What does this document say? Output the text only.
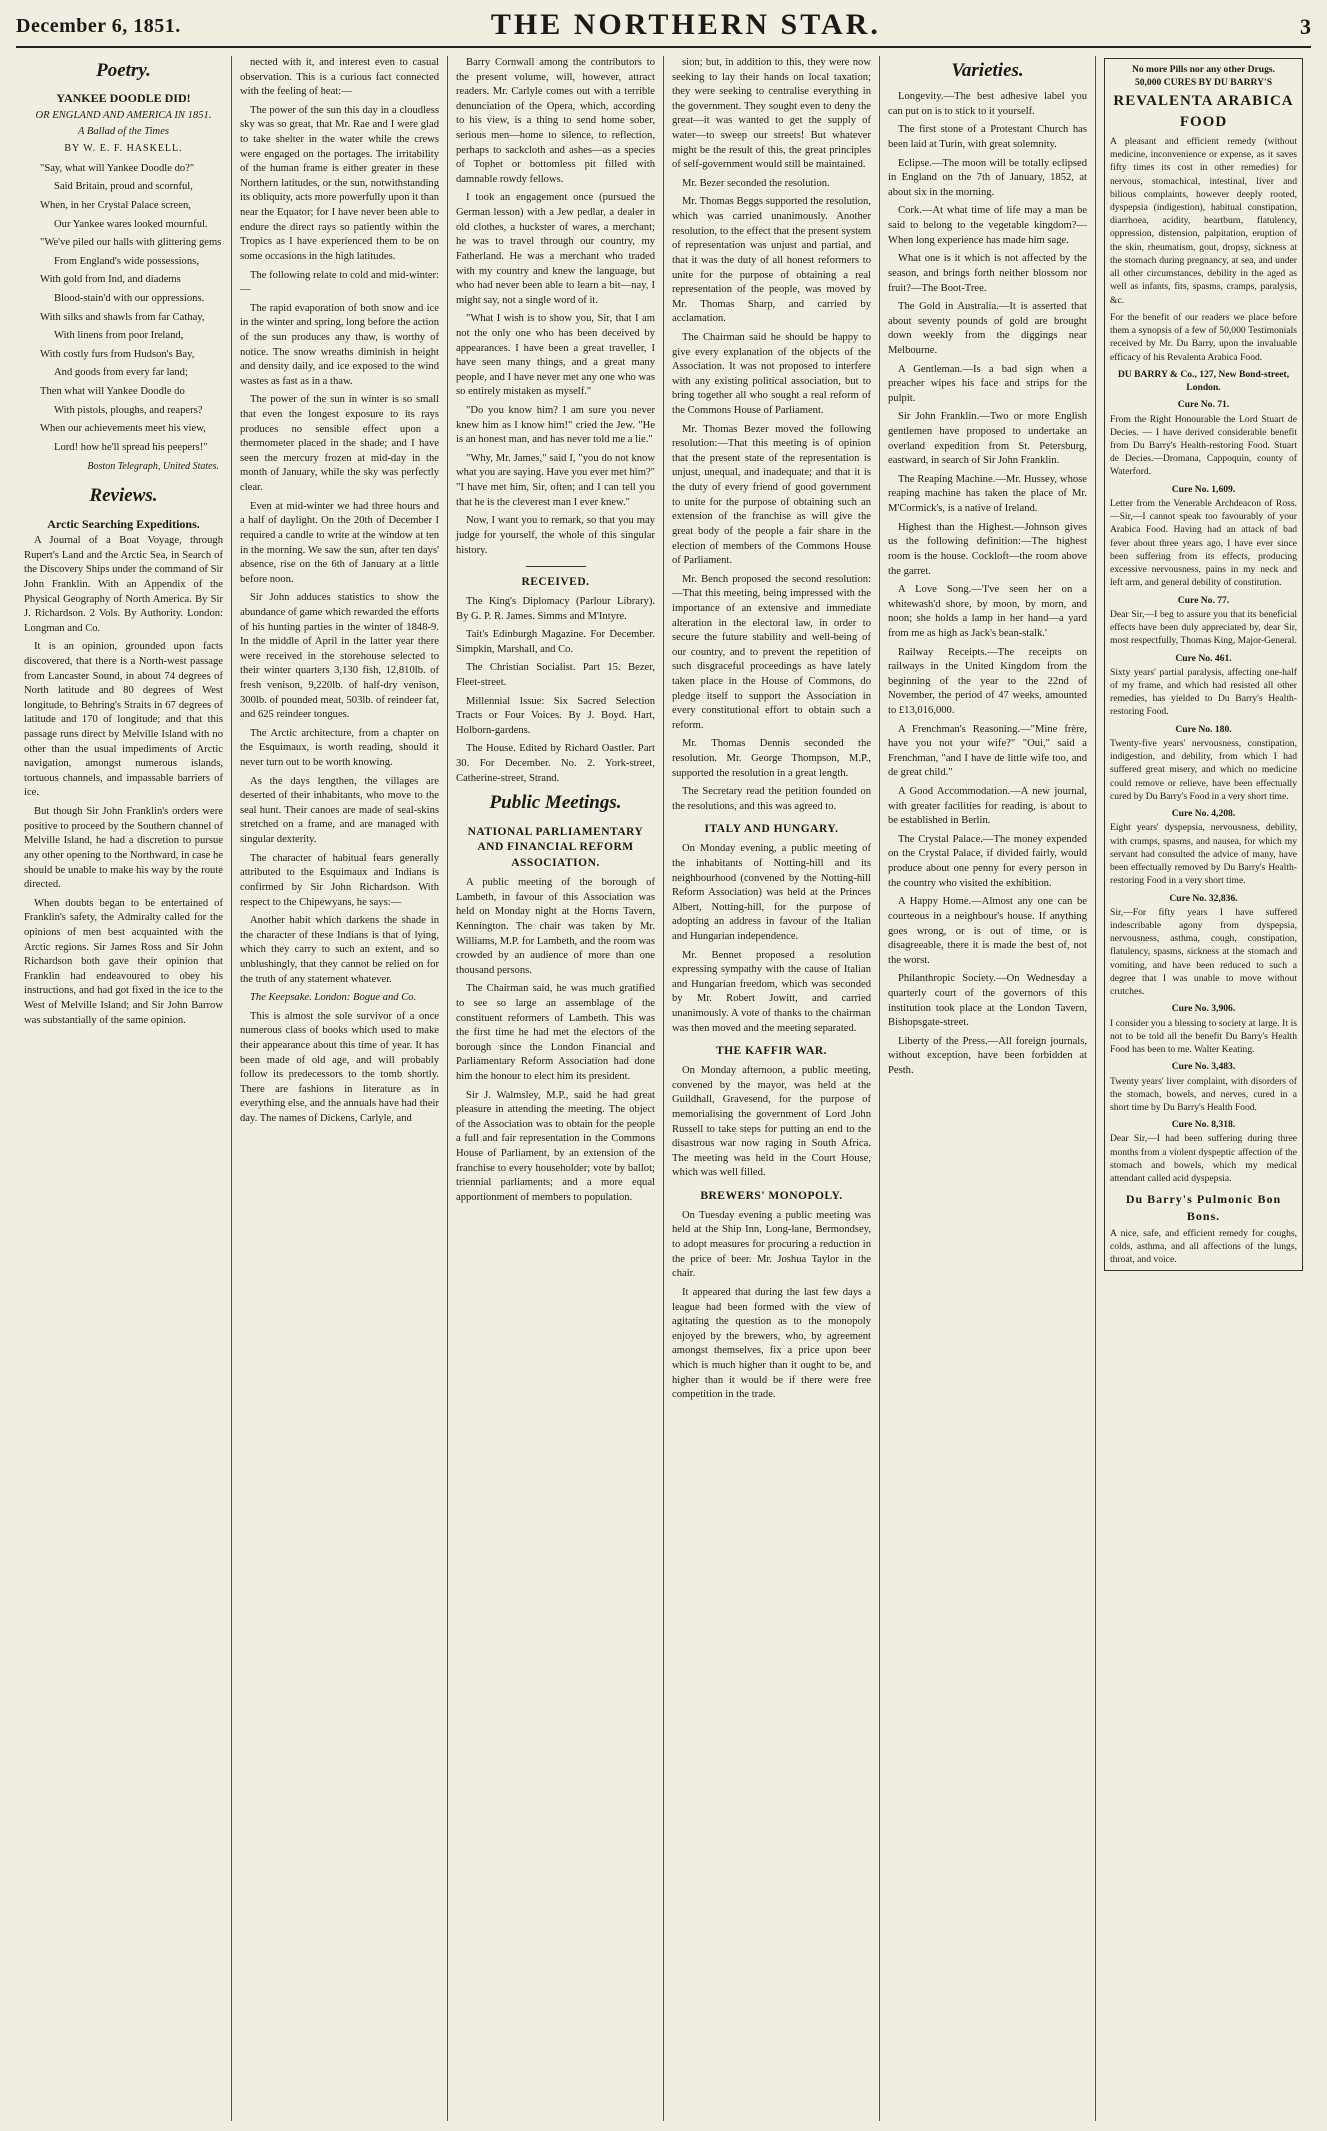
December 6, 1851.	THE NORTHERN STAR.	3
Poetry.
YANKEE DOODLE DID!
OR ENGLAND AND AMERICA IN 1851.
A Ballad of the Times
BY W. E. F. HASKELL.

"Say, what will Yankee Doodle do?"

Said Britain, proud and scornful,

When, in her Crystal Palace screen,

Our Yankee wares looked mournful.

"We've piled our halls with glittering gems

From England's wide possessions,

With gold from Ind, and diadems

Blood-stain'd with our oppressions.

With silks and shawls from far Cathay,

With linens from poor Ireland,

With costly furs from Hudson's Bay,

And goods from every far land;

Then what will Yankee Doodle do

With pistols, ploughs, and reapers?

When our achievements meet his view,

Lord! how he'll spread his peepers!"

Boston Telegraph, United States.
Reviews.
Arctic Searching Expeditions.

A Journal of a Boat Voyage, through Rupert's Land and the Arctic Sea, in Search of the Discovery Ships under the command of Sir John Franklin. With an Appendix of the Physical Geography of North America. By Sir J. Richardson. 2 Vols. By Authority. London: Longman and Co.

It is an opinion, grounded upon facts discovered, that there is a North-west passage from Lancaster Sound, in about 74 degrees of North latitude and 80 degrees of West longitude, to Behring's Straits in 67 degrees of latitude and 170 of longitude; and that this passage runs direct by Melville Island with no other than the usual impediments of Arctic navigation, amongst numerous islands, tortuous channels, and impassable barriers of ice.

But though Sir John Franklin's orders were positive to proceed by the Southern channel of Melville Island, he had a discretion to pursue any other opening to the Northward, in case he should be unable to make his way by the route directed.

When doubts began to be entertained of Franklin's safety, the Admiralty called for the opinions of men best acquainted with the Arctic regions. Sir James Ross and Sir John Richardson both gave their opinion that Franklin had endeavoured to obey his instructions, and had got fixed in the ice to the West of Melville Island; and Sir John Barrow was substantially of the same opinion.

nected with it, and interest even to casual observation. This is a curious fact connected with the feeling of heat:—

The power of the sun this day in a cloudless sky was so great, that Mr. Rae and I were glad to take shelter in the water while the crews were engaged on the portages. The irritability of the human frame is either greater in these Northern latitudes, or the sun, notwithstanding its obliquity, acts more powerfully upon it than near the Equator; for I have never been able to endure the direct rays so patiently within the Tropics as I have experienced them to be on some occasions in the high latitudes.

The following relate to cold and mid-winter:—

The rapid evaporation of both snow and ice in the winter and spring, long before the action of the sun produces any thaw, is worthy of notice. The snow wreaths diminish in height and density daily, and ice exposed to the wind wastes as fast as in a thaw.

The power of the sun in winter is so small that even the longest exposure to its rays produces no sensible effect upon a thermometer placed in the shade; and I have seen the mercury frozen at mid-day in the month of January, while the sky was perfectly clear.

Even at mid-winter we had three hours and a half of daylight. On the 20th of December I required a candle to write at the window at ten in the morning. We saw the sun, after ten days' absence, rise on the 6th of January at a little before noon.

Sir John adduces statistics to show the abundance of game which rewarded the efforts of his hunting parties in the winter of 1848-9. In the middle of April in the latter year there were received in the storehouse selected to their winter quarters 3,130 fish, 12,810lb. of fresh venison, 9,220lb. of half-dry venison, 300lb. of pounded meat, 503lb. of reindeer fat, and 625 reindeer tongues.

The Arctic architecture, from a chapter on the Esquimaux, is worth reading, should it never turn out to be worth knowing.

As the days lengthen, the villages are deserted of their inhabitants, who move to the seal hunt. Their canoes are made of seal-skins stretched on a frame, and are managed with singular dexterity.

The character of habitual fears generally attributed to the Esquimaux and Indians is confirmed by Sir John Richardson. With respect to the Chipewyans, he says:—

Another habit which darkens the shade in the character of these Indians is that of lying, which they carry to such an extent, and so unblushingly, that they cannot be relied on for the truth of any statement whatever.

The Keepsake. London: Bogue and Co.

This is almost the sole survivor of a once numerous class of books which used to make their appearance about this time of year. It has been made of old age, and will probably follow its predecessors to the tomb shortly. There are fashions in literature as in everything else, and the annuals have had their day. The names of Dickens, Carlyle, and

Barry Cornwall among the contributors to the present volume, will, however, attract readers. Mr. Carlyle comes out with a terrible denunciation of the Opera, which, according to his view, is a thing to send home sober, serious men—home to silence, to reflection, perhaps to sackcloth and ashes—as a species of Tophet or bottomless pit filled with damnable rowdy fellows.

I took an engagement once (pursued the German lesson) with a Jew pedlar, a dealer in old clothes, a huckster of wares, a merchant; he was to travel through our country, my Fatherland. He was a merchant who traded with my country and knew the language, but who had never been able to learn a bit—nay, I might say, not a single word of it.

"What I wish is to show you, Sir, that I am not the only one who has been deceived by appearances. I have been a great traveller, I have seen many things, and a great many people, and I have never met any one who was so entirely mistaken as myself."

"Do you know him? I am sure you never knew him as I know him!" cried the Jew. "He is an honest man, and has never told me a lie."

"Why, Mr. James," said I, "you do not know what you are saying. Have you ever met him?" "I have met him, Sir, often; and I can tell you that he is the cleverest man I ever knew."

Now, I want you to remark, so that you may judge for yourself, the whole of this singular history.

RECEIVED.

The King's Diplomacy (Parlour Library). By G. P. R. James. Simms and M'Intyre.

Tait's Edinburgh Magazine. For December. Simpkin, Marshall, and Co.

The Christian Socialist. Part 15. Bezer, Fleet-street.

Millennial Issue: Six Sacred Selection Tracts or Four Voices. By J. Boyd. Hart, Holborn-gardens.

The House. Edited by Richard Oastler. Part 30. For December. No. 2. York-street, Catherine-street, Strand.

Public Meetings.
NATIONAL PARLIAMENTARY AND FINANCIAL REFORM ASSOCIATION.

A public meeting of the borough of Lambeth, in favour of this Association was held on Monday night at the Horns Tavern, Kennington. The chair was taken by Mr. Williams, M.P. for Lambeth, and the room was crowded by an audience of more than one thousand persons.

The Chairman said, he was much gratified to see so large an assemblage of the constituent reformers of Lambeth. This was the first time he had met the electors of the borough since the London Financial and Parliamentary Reform Association had done him the honour to elect him its president.

Sir J. Walmsley, M.P., said he had great pleasure in attending the meeting. The object of the Association was to obtain for the people a full and fair representation in the Commons House of Parliament, by an extension of the franchise to every householder; vote by ballot; triennial parliaments; and a more equal apportionment of members to population.

sion; but, in addition to this, they were now seeking to lay their hands on local taxation; they were seeking to centralise everything in the government. They sought even to deny the great—it was wanted to get the supply of water—to sweep our streets! But whatever might be the result of this, the great principles of self-government would still be maintained.

Mr. Bezer seconded the resolution.

Mr. Thomas Beggs supported the resolution, which was carried unanimously. Another resolution, to the effect that the present system of representation was unjust and partial, and that it was the duty of all honest reformers to unite for the purpose of obtaining a real representation of the people, was moved by Mr. Thomas Sharp, and carried by acclamation.

The Chairman said he should be happy to give every explanation of the objects of the Association. It was not proposed to interfere with any existing political association, but to bring together all who sought a real reform of the Commons House of Parliament.

Mr. Thomas Bezer moved the following resolution:—That this meeting is of opinion that the present state of the representation is unjust, unequal, and inadequate; and that it is the duty of every friend of good government to unite for the purpose of obtaining such an extension of the franchise as will give the great body of the people a fair share in the election of members of the Commons House of Parliament.

Mr. Bench proposed the second resolution:—That this meeting, being impressed with the importance of an extensive and immediate alteration in the electoral law, in order to secure the future stability and well-being of our country, and to prevent the repetition of such disgraceful proceedings as have lately taken place in the House of Commons, do pledge itself to support the Association in every constitutional effort to obtain such a reform.

Mr. Thomas Dennis seconded the resolution. Mr. George Thompson, M.P., supported the resolution in a great length.

The Secretary read the petition founded on the resolutions, and this was agreed to.

ITALY AND HUNGARY.

On Monday evening, a public meeting of the inhabitants of Notting-hill and its neighbourhood (convened by the Notting-hill Reform Association) was held at the Princes Albert, Notting-hill, for the purpose of adopting an address in favour of the Italian and Hungarian independence.

Mr. Bennet proposed a resolution expressing sympathy with the cause of Italian and Hungarian freedom, which was seconded by Mr. Robert Jowitt, and carried unanimously. A vote of thanks to the chairman was then moved and the meeting separated.

THE KAFFIR WAR.

On Monday afternoon, a public meeting, convened by the mayor, was held at the Guildhall, Gravesend, for the purpose of memorialising the government of Lord John Russell to take steps for putting an end to the disastrous war now raging in South Africa. The meeting was held in the Court House, which was well filled.

BREWERS' MONOPOLY.

On Tuesday evening a public meeting was held at the Ship Inn, Long-lane, Bermondsey, to adopt measures for procuring a reduction in the price of beer. Mr. Joshua Taylor in the chair.

It appeared that during the last few days a league had been formed with the view of agitating the question as to the monopoly enjoyed by the brewers, who, by agreement amongst themselves, fix a price upon beer which is much higher than it ought to be, and higher than it would be if there were free competition in the trade.

Varieties.

Longevity.—The best adhesive label you can put on is to stick to it yourself.

The first stone of a Protestant Church has been laid at Turin, with great solemnity.

Eclipse.—The moon will be totally eclipsed in England on the 7th of January, 1852, at about six in the morning.

Cork.—At what time of life may a man be said to belong to the vegetable kingdom?—When long experience has made him sage.

What one is it which is not affected by the season, and brings forth neither blossom nor fruit?—The Boot-Tree.

The Gold in Australia.—It is asserted that about seventy pounds of gold are brought down weekly from the diggings near Melbourne.

A Gentleman.—Is a bad sign when a preacher wipes his face and strips for the pulpit.

Sir John Franklin.—Two or more English gentlemen have proposed to undertake an overland expedition from St. Petersburg, eastward, in search of Sir John Franklin.

The Reaping Machine.—Mr. Hussey, whose reaping machine has taken the place of Mr. M'Cormick's, is a native of Ireland.

Highest than the Highest.—Johnson gives us the following definition:—The highest room is the house. Cockloft—the room above the garret.

A Love Song.—'I've seen her on a whitewash'd shore, by moon, by morn, and noon; she holds a lamp in her hand—a yard from me as high as Jack's bean-stalk.'

Railway Receipts.—The receipts on railways in the United Kingdom from the beginning of the year to the 22nd of November, the period of 47 weeks, amounted to £13,016,000.

A Frenchman's Reasoning.—"Mine frère, have you not your wife?" "Oui," said a Frenchman, "and I have de little wife too, and de great child."

A Good Accommodation.—A new journal, with greater facilities for reading, is about to be established in Berlin.

The Crystal Palace.—The money expended on the Crystal Palace, if divided fairly, would produce about one penny for every person in the country who visited the exhibition.

A Happy Home.—Almost any one can be courteous in a neighbour's house. If anything goes wrong, or is out of time, or is disagreeable, there it is made the best of, not the worst.

Philanthropic Society.—On Wednesday a quarterly court of the governors of this institution took place at the London Tavern, Bishopsgate-street.

Liberty of the Press.—All foreign journals, without exception, have been forbidden at Pesth.

No more Pills nor any other Drugs.
50,000 CURES BY DU BARRY'S
REVALENTA ARABICA FOOD
A pleasant and efficient remedy (without medicine, inconvenience or expense, as it saves fifty times its cost in other remedies) for nervous, stomachical, intestinal, liver and bilious complaints, however deeply rooted, dyspepsia (indigestion), habitual constipation, diarrhoea, acidity, heartburn, flatulency, oppression, distension, palpitation, eruption of the skin, rheumatism, gout, dropsy, sickness at the stomach during pregnancy, at sea, and under all other circumstances, debility in the aged as well as infants, fits, spasms, cramps, paralysis, &c.
For the benefit of our readers we place before them a synopsis of a few of 50,000 Testimonials received by Mr. Du Barry, upon the invaluable efficacy of his Revalenta Arabica Food.
DU BARRY & Co., 127, New Bond-street, London.
Cure No. 71.
From the Right Honourable the Lord Stuart de Decies. — I have derived considerable benefit from Du Barry's Health-restoring Food. Stuart de Decies.—Dromana, Cappoquin, county of Waterford.
Cure No. 1,609.
Letter from the Venerable Archdeacon of Ross.—Sir,—I cannot speak too favourably of your Arabica Food. Having had an attack of bad fever about three years ago, I have ever since been suffering from its effects, producing excessive nervousness, pains in my neck and left arm, and general debility of constitution.
Cure No. 77.
Dear Sir,—I beg to assure you that its beneficial effects have been duly appreciated by, dear Sir, most respectfully, Thomas King, Major-General.
Cure No. 461.
Sixty years' partial paralysis, affecting one-half of my frame, and which had resisted all other remedies, has yielded to Du Barry's Health-restoring Food.
Cure No. 180.
Twenty-five years' nervousness, constipation, indigestion, and debility, from which I had suffered great misery, and which no medicine could remove or relieve, have been effectually cured by Du Barry's Food in a very short time.
Cure No. 4,208.
Eight years' dyspepsia, nervousness, debility, with cramps, spasms, and nausea, for which my servant had consulted the advice of many, have been effectually removed by Du Barry's Health-restoring Food in a very short time.
Cure No. 32,836.
Sir,—For fifty years I have suffered indescribable agony from dyspepsia, nervousness, asthma, cough, constipation, flatulency, spasms, sickness at the stomach and vomiting, and have been reduced to such a degree that I was unable to move without crutches.
Cure No. 3,906.
I consider you a blessing to society at large. It is not to be told all the benefit Du Barry's Health Food has been to me. Walter Keating.
Cure No. 3,483.
Twenty years' liver complaint, with disorders of the stomach, bowels, and nerves, cured in a short time by Du Barry's Health Food.
Cure No. 8,318.
Dear Sir,—I had been suffering during three months from a violent dyspeptic affection of the stomach and bowels, which my medical attendant called acid dyspepsia.
Du Barry's Pulmonic Bon Bons.
A nice, safe, and efficient remedy for coughs, colds, asthma, and all affections of the lungs, throat, and voice.
